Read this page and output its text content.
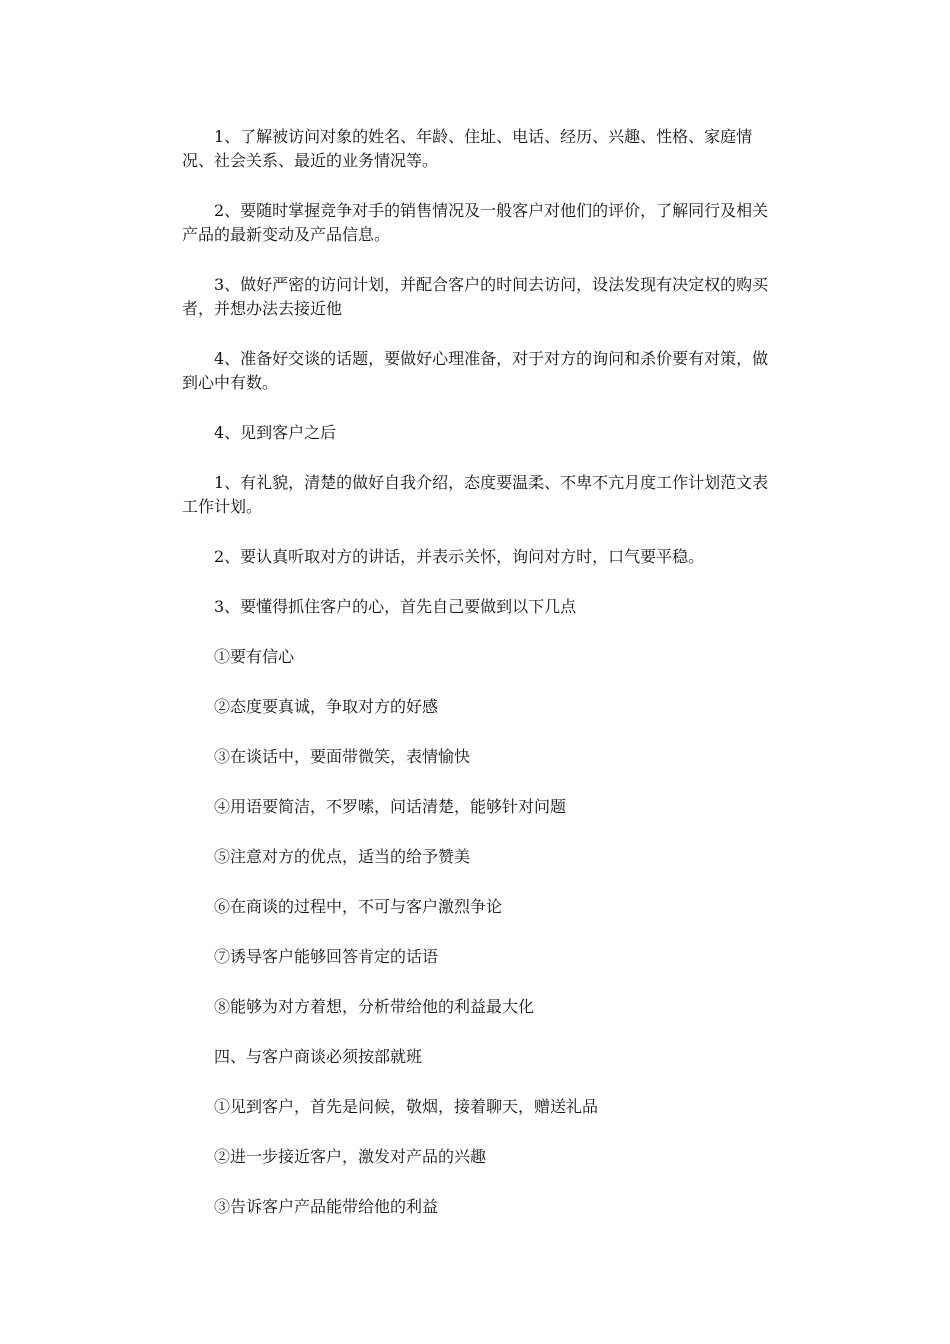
1、了解被访问对象的姓名、年龄、住址、电话、经历、兴趣、性格、家庭情况、社会关系、最近的业务情况等。

2、要随时掌握竞争对手的销售情况及一般客户对他们的评价，了解同行及相关产品的最新变动及产品信息。

3、做好严密的访问计划，并配合客户的时间去访问，设法发现有决定权的购买者，并想办法去接近他

4、准备好交谈的话题，要做好心理准备，对于对方的询问和杀价要有对策，做到心中有数。

4、见到客户之后

1、有礼貌，清楚的做好自我介绍，态度要温柔、不卑不亢月度工作计划范文表工作计划。

2、要认真听取对方的讲话，并表示关怀，询问对方时，口气要平稳。

3、要懂得抓住客户的心，首先自己要做到以下几点

①要有信心

②态度要真诚，争取对方的好感

③在谈话中，要面带微笑，表情愉快

④用语要简洁，不罗嗦，问话清楚，能够针对问题

⑤注意对方的优点，适当的给予赞美

⑥在商谈的过程中，不可与客户激烈争论

⑦诱导客户能够回答肯定的话语

⑧能够为对方着想，分析带给他的利益最大化

四、与客户商谈必须按部就班

①见到客户，首先是问候，敬烟，接着聊天，赠送礼品

②进一步接近客户，激发对产品的兴趣

③告诉客户产品能带给他的利益
